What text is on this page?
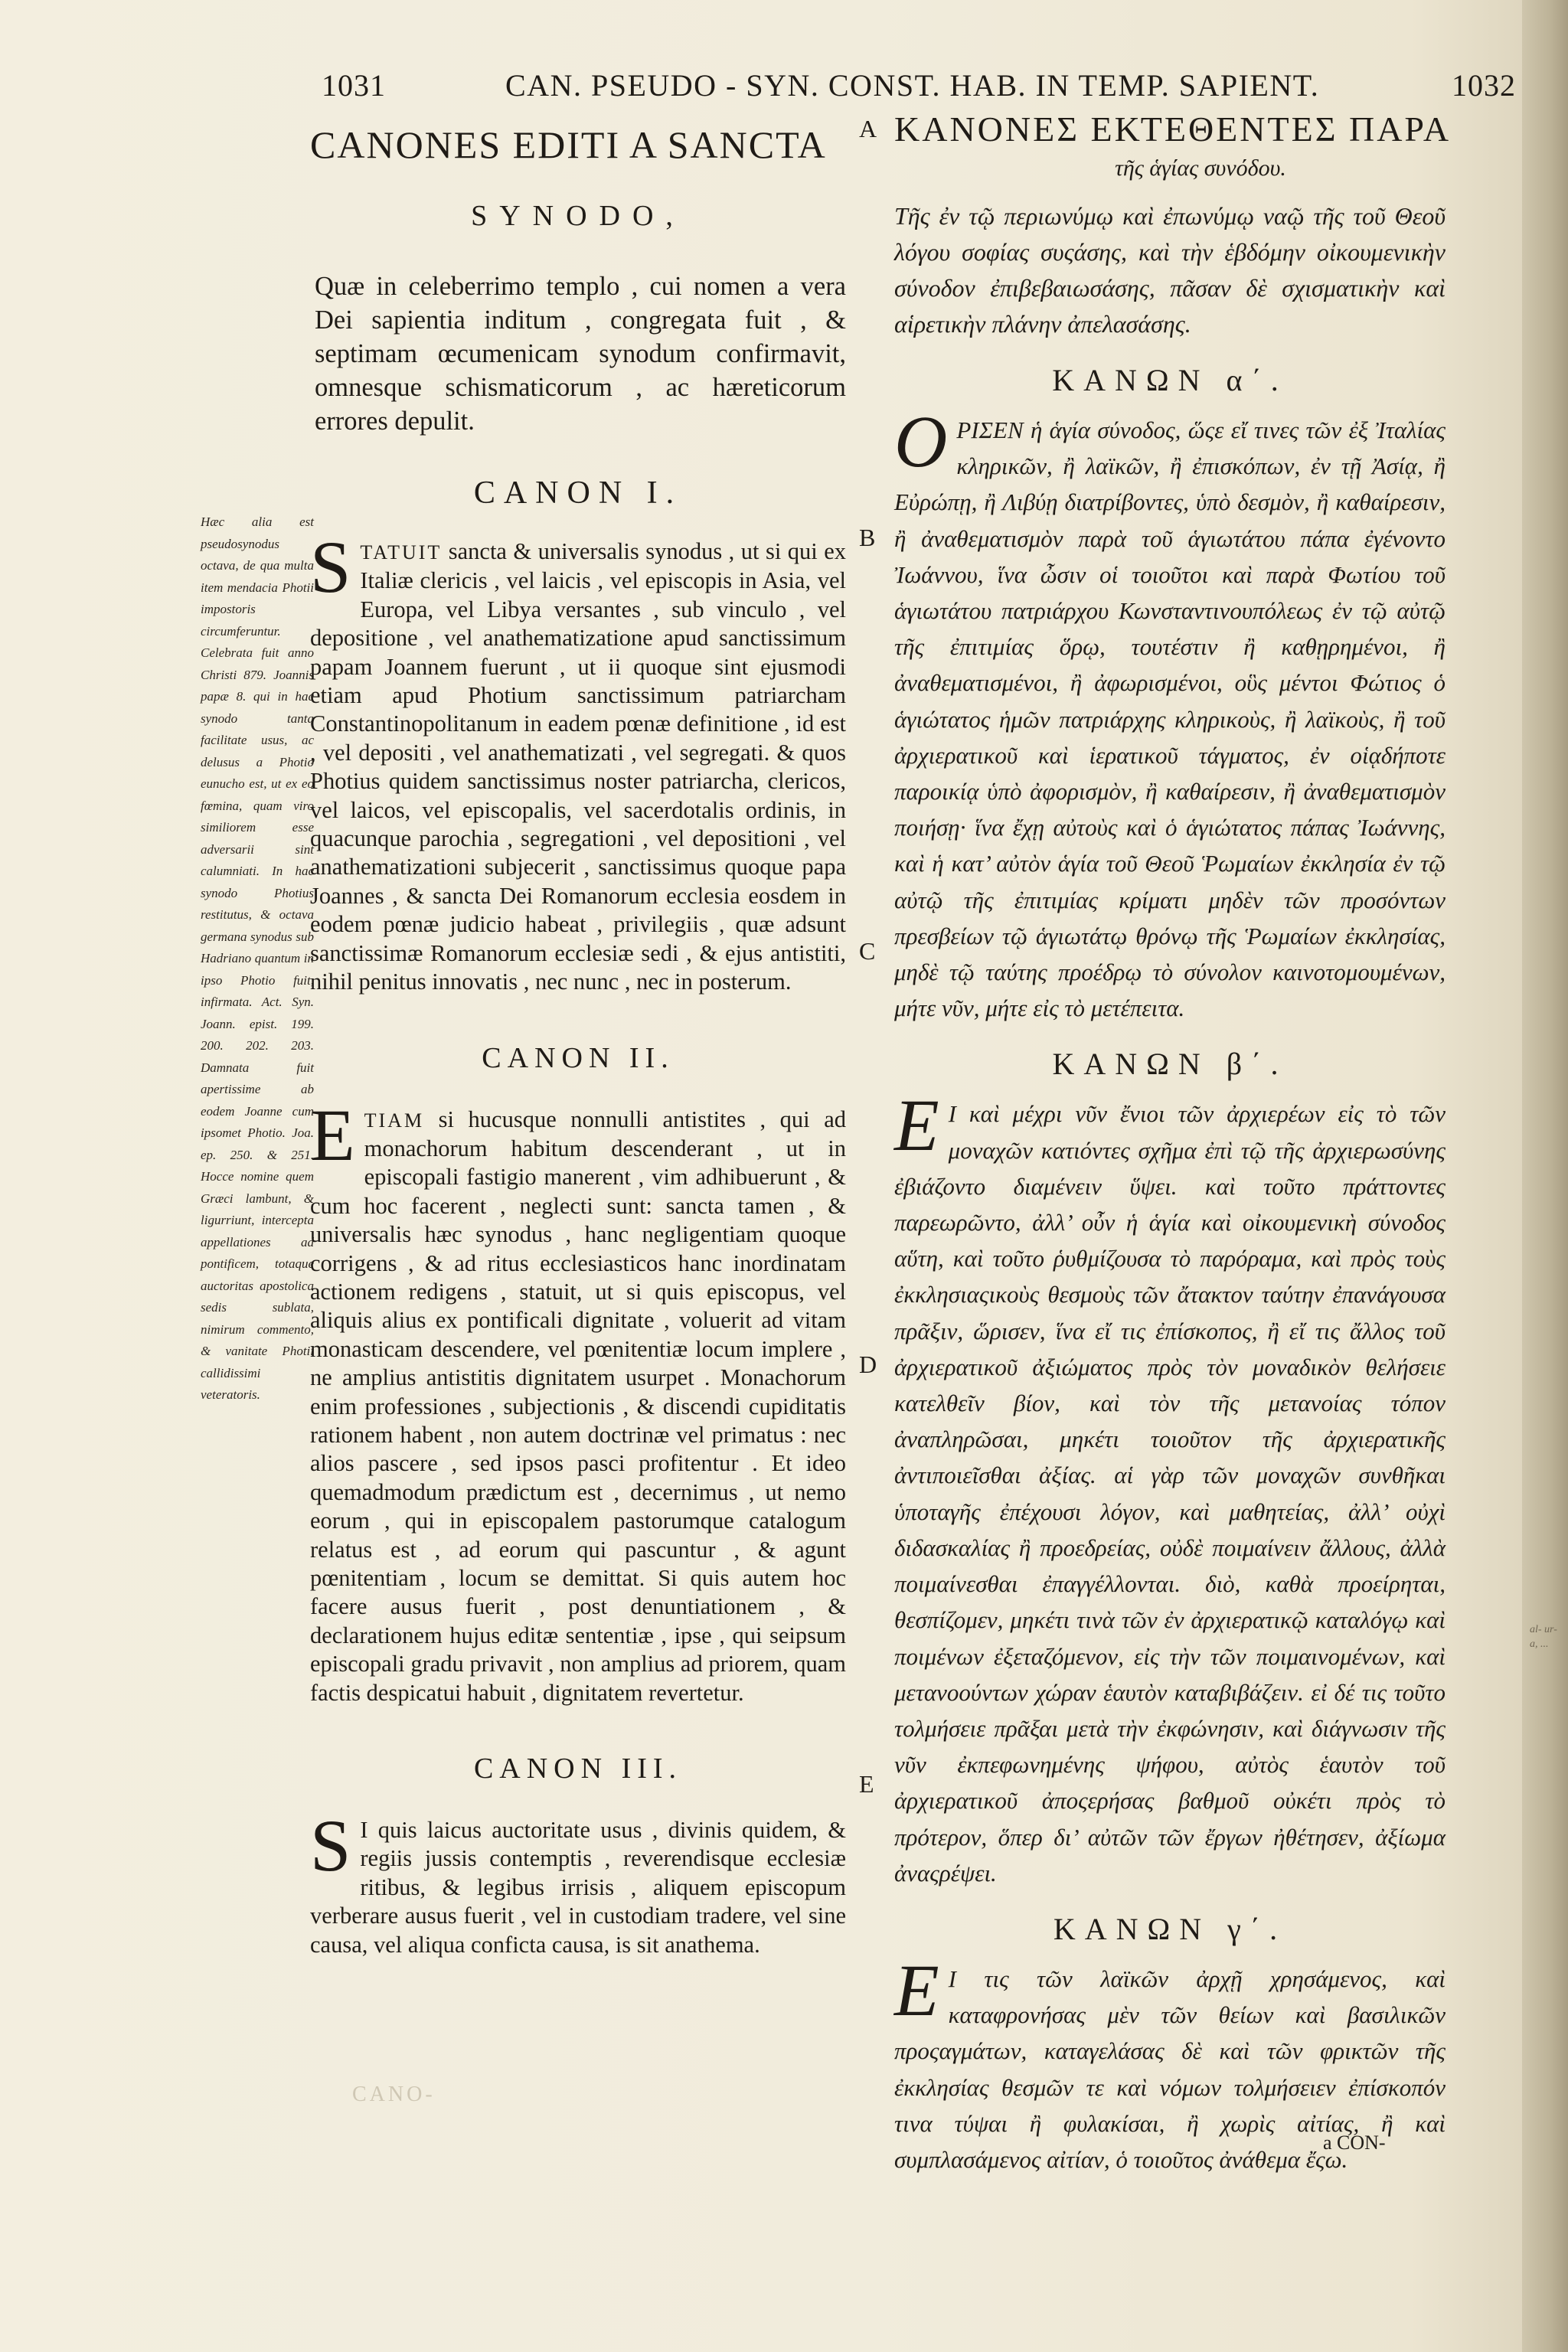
al- ur- a, ...
1031	CAN. PSEUDO - SYN. CONST. HAB. IN TEMP. SAPIENT.	1032
Hæc alia est pseudosynodus octava, de qua multa item mendacia Photii impostoris circumferuntur. Celebrata fuit anno Christi 879. Joannis papæ 8. qui in hac synodo tanta facilitate usus, ac delusus a Photio eunucho est, ut ex eo fœmina, quam viro similiorem esse adversarii sint calumniati. In hac synodo Photius restitutus, & octava germana synodus sub Hadriano quantum in ipso Photio fuit, infirmata. Act. Syn. Joann. epist. 199. 200. 202. 203. Damnata fuit apertissime ab eodem Joanne cum ipsomet Photio. Joa. ep. 250. & 251. Hocce nomine quem Græci lambunt, & ligurriunt, intercepta appellationes ad pontificem, totaque auctoritas apostolica sedis sublata, nimirum commento, & vanitate Photii callidissimi veteratoris.
A
B
C
D
E
CANONES EDITI A SANCTA
SYNODO,
Quæ in celeberrimo templo , cui nomen a vera Dei sapientia inditum , congregata fuit , & septimam œcumenicam synodum confirmavit, omnesque schismaticorum , ac hæreticorum errores depulit.
CANON I.
STATUIT sancta & universalis synodus , ut si qui ex Italiæ clericis , vel laicis , vel episcopis in Asia, vel Europa, vel Libya versantes , sub vinculo , vel depositione , vel anathematizatione apud sanctissimum papam Joannem fuerunt , ut ii quoque sint ejusmodi etiam apud Photium sanctissimum patriarcham Constantinopolitanum in eadem pœnæ definitione , id est , vel depositi , vel anathematizati , vel segregati. & quos Photius quidem sanctissimus noster patriarcha, clericos, vel laicos, vel episcopalis, vel sacerdotalis ordinis, in quacunque parochia , segregationi , vel depositioni , vel anathematizationi subjecerit , sanctissimus quoque papa Joannes , & sancta Dei Romanorum ecclesia eosdem in eodem pœnæ judicio habeat , privilegiis , quæ adsunt sanctissimæ Romanorum ecclesiæ sedi , & ejus antistiti, nihil penitus innovatis , nec nunc , nec in posterum.
CANON II.
ETIAM si hucusque nonnulli antistites , qui ad monachorum habitum descenderant , ut in episcopali fastigio manerent , vim adhibuerunt , & cum hoc facerent , neglecti sunt: sancta tamen , & universalis hæc synodus , hanc negligentiam quoque corrigens , & ad ritus ecclesiasticos hanc inordinatam actionem redigens , statuit, ut si quis episcopus, vel aliquis alius ex pontificali dignitate , voluerit ad vitam monasticam descendere, vel pœnitentiæ locum implere , ne amplius antistitis dignitatem usurpet . Monachorum enim professiones , subjectionis , & discendi cupiditatis rationem habent , non autem doctrinæ vel primatus : nec alios pascere , sed ipsos pasci profitentur . Et ideo quemadmodum prædictum est , decernimus , ut nemo eorum , qui in episcopalem pastorumque catalogum relatus est , ad eorum qui pascuntur , & agunt pœnitentiam , locum se demittat. Si quis autem hoc facere ausus fuerit , post denuntiationem , & declarationem hujus editæ sententiæ , ipse , qui seipsum episcopali gradu privavit , non amplius ad priorem, quam factis despicatui habuit , dignitatem revertetur.
CANON III.
S I quis laicus auctoritate usus , divinis quidem, & regiis jussis contemptis , reverendisque ecclesiæ ritibus, & legibus irrisis , aliquem episcopum verberare ausus fuerit , vel in custodiam tradere, vel sine causa, vel aliqua conficta causa, is sit anathema.
ΚΑΝΟΝΕΣ ΕΚΤΕΘΕΝΤΕΣ ΠΑΡΑ
τῆς ἁγίας συνόδου.
Τῆς ἐν τῷ περιωνύμῳ καὶ ἐπωνύμῳ ναῷ τῆς τοῦ Θεοῦ λόγου σοφίας συςάσης, καὶ τὴν ἑβδόμην οἰκουμενικὴν σύνοδον ἐπιβεβαιωσάσης, πᾶσαν δὲ σχισματικὴν καὶ αἱρετικὴν πλάνην ἀπελασάσης.
ΚΑΝΩΝ α΄.
ΟΡΙΣΕΝ ἡ ἁγία σύνοδος, ὥςε εἴ τινες τῶν ἐξ Ἰταλίας κληρικῶν, ἢ λαϊκῶν, ἢ ἐπισκόπων, ἐν τῇ Ἀσίᾳ, ἢ Εὐρώπῃ, ἢ Λιβύῃ διατρίβοντες, ὑπὸ δεσμὸν, ἢ καθαίρεσιν, ἢ ἀναθεματισμὸν παρὰ τοῦ ἁγιωτάτου πάπα ἐγένοντο Ἰωάννου, ἵνα ὦσιν οἱ τοιοῦτοι καὶ παρὰ Φωτίου τοῦ ἁγιωτάτου πατριάρχου Κωνσταντινουπόλεως ἐν τῷ αὐτῷ τῆς ἐπιτιμίας ὅρῳ, τουτέστιν ἢ καθῃρημένοι, ἢ ἀναθεματισμένοι, ἢ ἀφωρισμένοι, οὓς μέντοι Φώτιος ὁ ἁγιώτατος ἡμῶν πατριάρχης κληρικοὺς, ἢ λαϊκοὺς, ἢ τοῦ ἀρχιερατικοῦ καὶ ἱερατικοῦ τάγματος, ἐν οἱᾳδήποτε παροικίᾳ ὑπὸ ἀφορισμὸν, ἢ καθαίρεσιν, ἢ ἀναθεματισμὸν ποιήσῃ· ἵνα ἔχῃ αὐτοὺς καὶ ὁ ἁγιώτατος πάπας Ἰωάννης, καὶ ἡ κατ’ αὐτὸν ἁγία τοῦ Θεοῦ Ῥωμαίων ἐκκλησία ἐν τῷ αὐτῷ τῆς ἐπιτιμίας κρίματι μηδὲν τῶν προσόντων πρεσβείων τῷ ἁγιωτάτῳ θρόνῳ τῆς Ῥωμαίων ἐκκλησίας, μηδὲ τῷ ταύτης προέδρῳ τὸ σύνολον καινοτομουμένων, μήτε νῦν, μήτε εἰς τὸ μετέπειτα.
ΚΑΝΩΝ β΄.
Ε Ι καὶ μέχρι νῦν ἔνιοι τῶν ἀρχιερέων εἰς τὸ τῶν μοναχῶν κατιόντες σχῆμα ἐπὶ τῷ τῆς ἀρχιερωσύνης ἐβιάζοντο διαμένειν ὕψει. καὶ τοῦτο πράττοντες παρεωρῶντο, ἀλλ’ οὖν ἡ ἁγία καὶ οἰκουμενικὴ σύνοδος αὕτη, καὶ τοῦτο ῥυθμίζουσα τὸ παρόραμα, καὶ πρὸς τοὺς ἐκκλησιαςικοὺς θεσμοὺς τῶν ἄτακτον ταύτην ἐπανάγουσα πρᾶξιν, ὥρισεν, ἵνα εἴ τις ἐπίσκοπος, ἢ εἴ τις ἄλλος τοῦ ἀρχιερατικοῦ ἀξιώματος πρὸς τὸν μοναδικὸν θελήσειε κατελθεῖν βίον, καὶ τὸν τῆς μετανοίας τόπον ἀναπληρῶσαι, μηκέτι τοιοῦτον τῆς ἀρχιερατικῆς ἀντιποιεῖσθαι ἀξίας. αἱ γὰρ τῶν μοναχῶν συνθῆκαι ὑποταγῆς ἐπέχουσι λόγον, καὶ μαθητείας, ἀλλ’ οὐχὶ διδασκαλίας ἢ προεδρείας, οὐδὲ ποιμαίνειν ἄλλους, ἀλλὰ ποιμαίνεσθαι ἐπαγγέλλονται. διὸ, καθὰ προείρηται, θεσπίζομεν, μηκέτι τινὰ τῶν ἐν ἀρχιερατικῷ καταλόγῳ καὶ ποιμένων ἐξεταζόμενον, εἰς τὴν τῶν ποιμαινομένων, καὶ μετανοούντων χώραν ἑαυτὸν καταβιβάζειν. εἰ δέ τις τοῦτο τολμήσειε πρᾶξαι μετὰ τὴν ἐκφώνησιν, καὶ διάγνωσιν τῆς νῦν ἐκπεφωνημένης ψήφου, αὐτὸς ἑαυτὸν τοῦ ἀρχιερατικοῦ ἀποςερήσας βαθμοῦ οὐκέτι πρὸς τὸ πρότερον, ὅπερ δι’ αὐτῶν τῶν ἔργων ἠθέτησεν, ἀξίωμα ἀναςρέψει.
ΚΑΝΩΝ γ΄.
Ε Ι τις τῶν λαϊκῶν ἀρχῇ χρησάμενος, καὶ καταφρονήσας μὲν τῶν θείων καὶ βασιλικῶν προςαγμάτων, καταγελάσας δὲ καὶ τῶν φρικτῶν τῆς ἐκκλησίας θεσμῶν τε καὶ νόμων τολμήσειεν ἐπίσκοπόν τινα τύψαι ἢ φυλακίσαι, ἢ χωρὶς αἰτίας, ἢ καὶ συμπλασάμενος αἰτίαν, ὁ τοιοῦτος ἀνάθεμα ἔςω.
CANO-
a CON-
